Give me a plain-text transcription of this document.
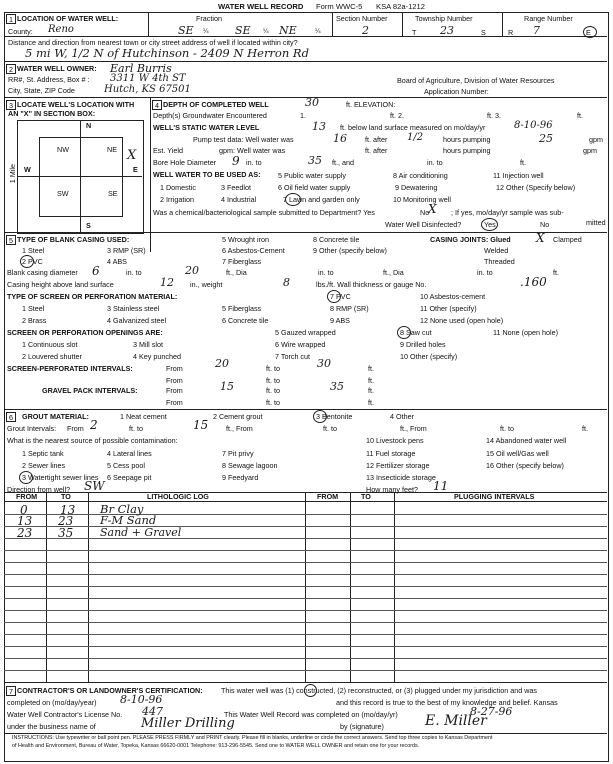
WATER WELL RECORD Form WWC-5 KSA 82a-1212
1 LOCATION OF WATER WELL:
County: Reno
Fraction
SE ¼ SE ¼ NE	¼
Section Number
2
Township Number
T 23	S
Range Number
R 7	E
Distance and direction from nearest town or city street address of well if located within city?
5 mi W, 1/2 N of Hutchinson - 2409 N Herron Rd
2 WATER WELL OWNER:
RR#, St. Address, Box # :
City, State, ZIP Code
Earl Burris
3311 W 4th ST
Hutch, KS 67501
Board of Agriculture, Division of Water Resources
Application Number:
3 LOCATE WELL'S LOCATION WITH
AN "X" IN SECTION BOX:
N
S
W	E
NW	NE
SW	SE
X
1 Mile
4 DEPTH OF COMPLETED WELL	30	ft. ELEVATION:
Depth(s) Groundwater Encountered	1.	ft. 2.	ft. 3.	ft.
WELL'S STATIC WATER LEVEL	13 ft. below land surface measured on mo/day/yr	8-10-96
Pump test data: Well water was	16	ft. after 1/2	hours pumping	25	gpm
Est. Yield	gpm: Well water was	ft. after	hours pumping	gpm
Bore Hole Diameter 9 in. to	35 ft., and	in. to	ft.
WELL WATER TO BE USED AS:
1 Domestic	3 Feedlot
5 Public water supply	8 Air conditioning	11 Injection well
2 Irrigation	4 Industrial	7 Lawn and garden only
9 Dewatering	12 Other (Specify below)
6 Oil field water supply
10 Monitoring well
Was a chemical/bacteriological sample submitted to Department? Yes	No
X ; If yes, mo/day/yr sample was sub-
mitted
Water Well Disinfected?	Yes	No
5 TYPE OF BLANK CASING USED:
1 Steel	3 RMP (SR)
5 Wrought iron	8 Concrete tile
2 PVC	4 ABS
6 Asbestos-Cement	9 Other (specify below)
7 Fiberglass
CASING JOINTS: Glued X Clamped
Welded
Threaded
Blank casing diameter 6	in. to	20	ft., Dia	in. to	ft., Dia	in. to	ft.
Casing height above land surface	12 in., weight	8	lbs./ft. Wall thickness or gauge No.	.160
TYPE OF SCREEN OR PERFORATION MATERIAL:
1 Steel	3 Stainless steel	5 Fiberglass
7 PVC	10 Asbestos-cement
2 Brass	4 Galvanized steel	6 Concrete tile
8 RMP (SR)	11 Other (specify)
9 ABS	12 None used (open hole)
SCREEN OR PERFORATION OPENINGS ARE:	5 Gauzed wrapped	8 Saw cut	11 None (open hole)
1 Continuous slot	3 Mill slot	6 Wire wrapped	9 Drilled holes
2 Louvered shutter	4 Key punched	7 Torch cut	10 Other (specify)
SCREEN-PERFORATED INTERVALS:	From	20	ft. to	30	ft.
From	ft. to	ft.
GRAVEL PACK INTERVALS:	From	15	ft. to	35	ft.
From	ft. to	ft.
6 GROUT MATERIAL:	1 Neat cement	2 Cement grout	3 Bentonite	4 Other
Grout Intervals: From 2	ft. to	15 ft., From	ft. to	ft., From	ft. to	ft.
What is the nearest source of possible contamination:
1 Septic tank	4 Lateral lines	7 Pit privy
10 Livestock pens	14 Abandoned water well
2 Sewer lines	5 Cess pool	8 Sewage lagoon
11 Fuel storage	15 Oil well/Gas well
3 Watertight sewer lines 6 Seepage pit	9 Feedyard
12 Fertilizer storage	16 Other (specify below)
13 Insecticide storage
Direction from well? SW	How many feet? 11
FROM	TO	LITHOLOGIC LOG	FROM	TO	PLUGGING INTERVALS
0	13 Br Clay
13 23 F-M Sand
23 35 Sand + Gravel
7 CONTRACTOR'S OR LANDOWNER'S CERTIFICATION:	This water well was (1) constructed, (2) reconstructed, or (3) plugged under my jurisdiction and was
completed on (mo/day/year) 8-10-96	and this record is true to the best of my knowledge and belief. Kansas
Water Well Contractor's License No. 447	This Water Well Record was completed on (mo/day/yr)	8-27-96
under the business name of	Miller Drilling	by (signature)	E. Miller
INSTRUCTIONS: Use typewriter or ball point pen. PLEASE PRESS FIRMLY and PRINT clearly. Please fill in blanks, underline or circle the correct answers. Send top three copies to Kansas Department
of Health and Environment, Bureau of Water, Topeka, Kansas 66620-0001 Telephone: 913-296-5545. Send one to WATER WELL OWNER and retain one for your records.
